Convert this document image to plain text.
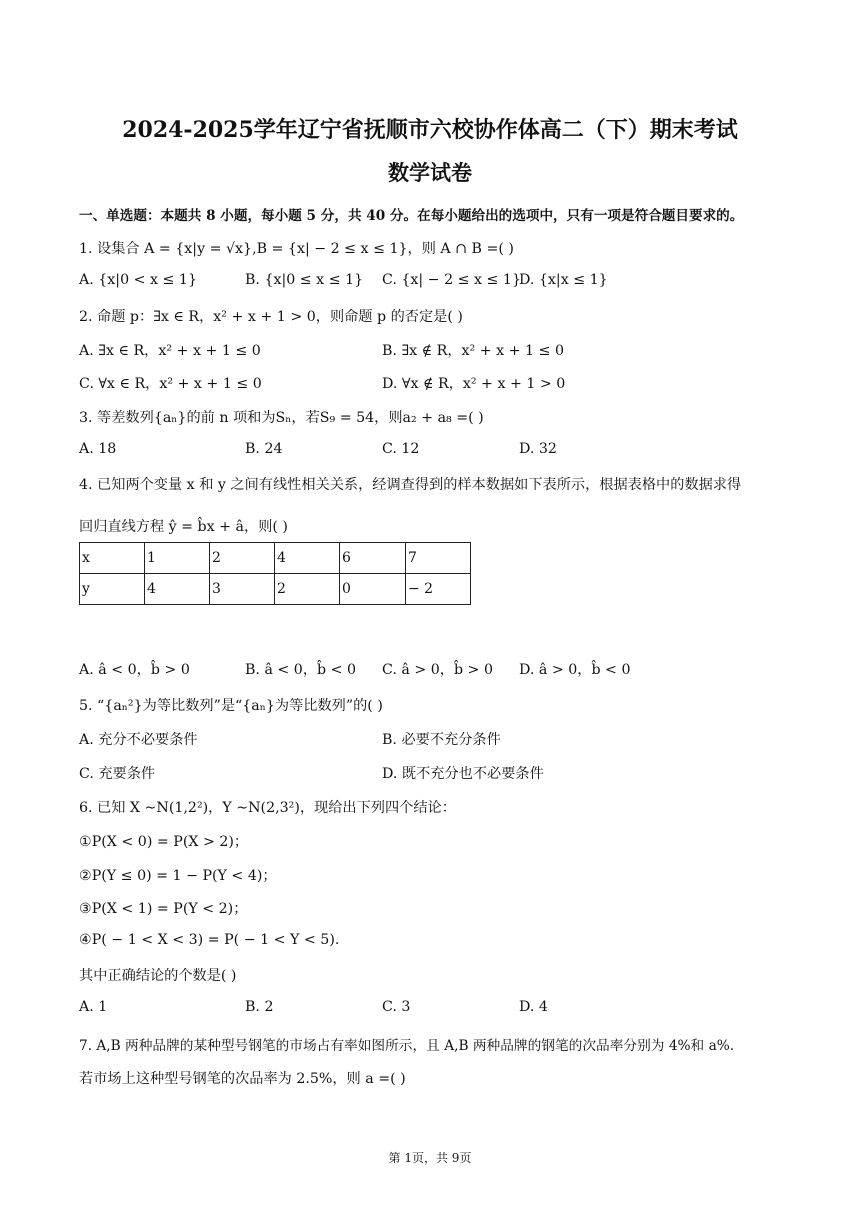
2024-2025学年辽宁省抚顺市六校协作体高二（下）期末考试
数学试卷
一、单选题：本题共 8 小题，每小题 5 分，共 40 分。在每小题给出的选项中，只有一项是符合题目要求的。
1. 设集合 A = {x|y = √x},B = {x| − 2 ≤ x ≤ 1}，则 A ∩ B =( )
A. {x|0 < x ≤ 1}	B. {x|0 ≤ x ≤ 1} C. {x| − 2 ≤ x ≤ 1}
D. {x|x ≤ 1}
2. 命题 p：∃x ∈ R，x² + x + 1 > 0，则命题 p 的否定是( )
A. ∃x ∈ R，x² + x + 1 ≤ 0	B. ∃x ∉ R，x² + x + 1 ≤ 0
C. ∀x ∈ R，x² + x + 1 ≤ 0	D. ∀x ∉ R，x² + x + 1 > 0
3. 等差数列{aₙ}的前 n 项和为Sₙ，若S₉ = 54，则a₂ + a₈ =( )
A. 18	B. 24	C. 12	D. 32
4. 已知两个变量 x 和 y 之间有线性相关关系，经调查得到的样本数据如下表所示，根据表格中的数据求得
回归直线方程 ŷ = b̂x + â，则( )
x	1	2	4	6	7
y	4	3	2	0	− 2
A. â < 0，b̂ > 0	B. â < 0，b̂ < 0 C. â > 0，b̂ > 0 D. â > 0，b̂ < 0
5. “{aₙ²}为等比数列”是“{aₙ}为等比数列”的( )
A. 充分不必要条件	B. 必要不充分条件
C. 充要条件	D. 既不充分也不必要条件
6. 已知 X ∼N(1,2²)，Y ∼N(2,3²)，现给出下列四个结论：
①P(X < 0) = P(X > 2)；
②P(Y ≤ 0) = 1 − P(Y < 4)；
③P(X < 1) = P(Y < 2)；
④P( − 1 < X < 3) = P( − 1 < Y < 5).
其中正确结论的个数是( )
A. 1	B. 2	C. 3	D. 4
7. A,B 两种品牌的某种型号钢笔的市场占有率如图所示，且 A,B 两种品牌的钢笔的次品率分别为 4%和 a%.
若市场上这种型号钢笔的次品率为 2.5%，则 a =( )
第 1页，共 9页
